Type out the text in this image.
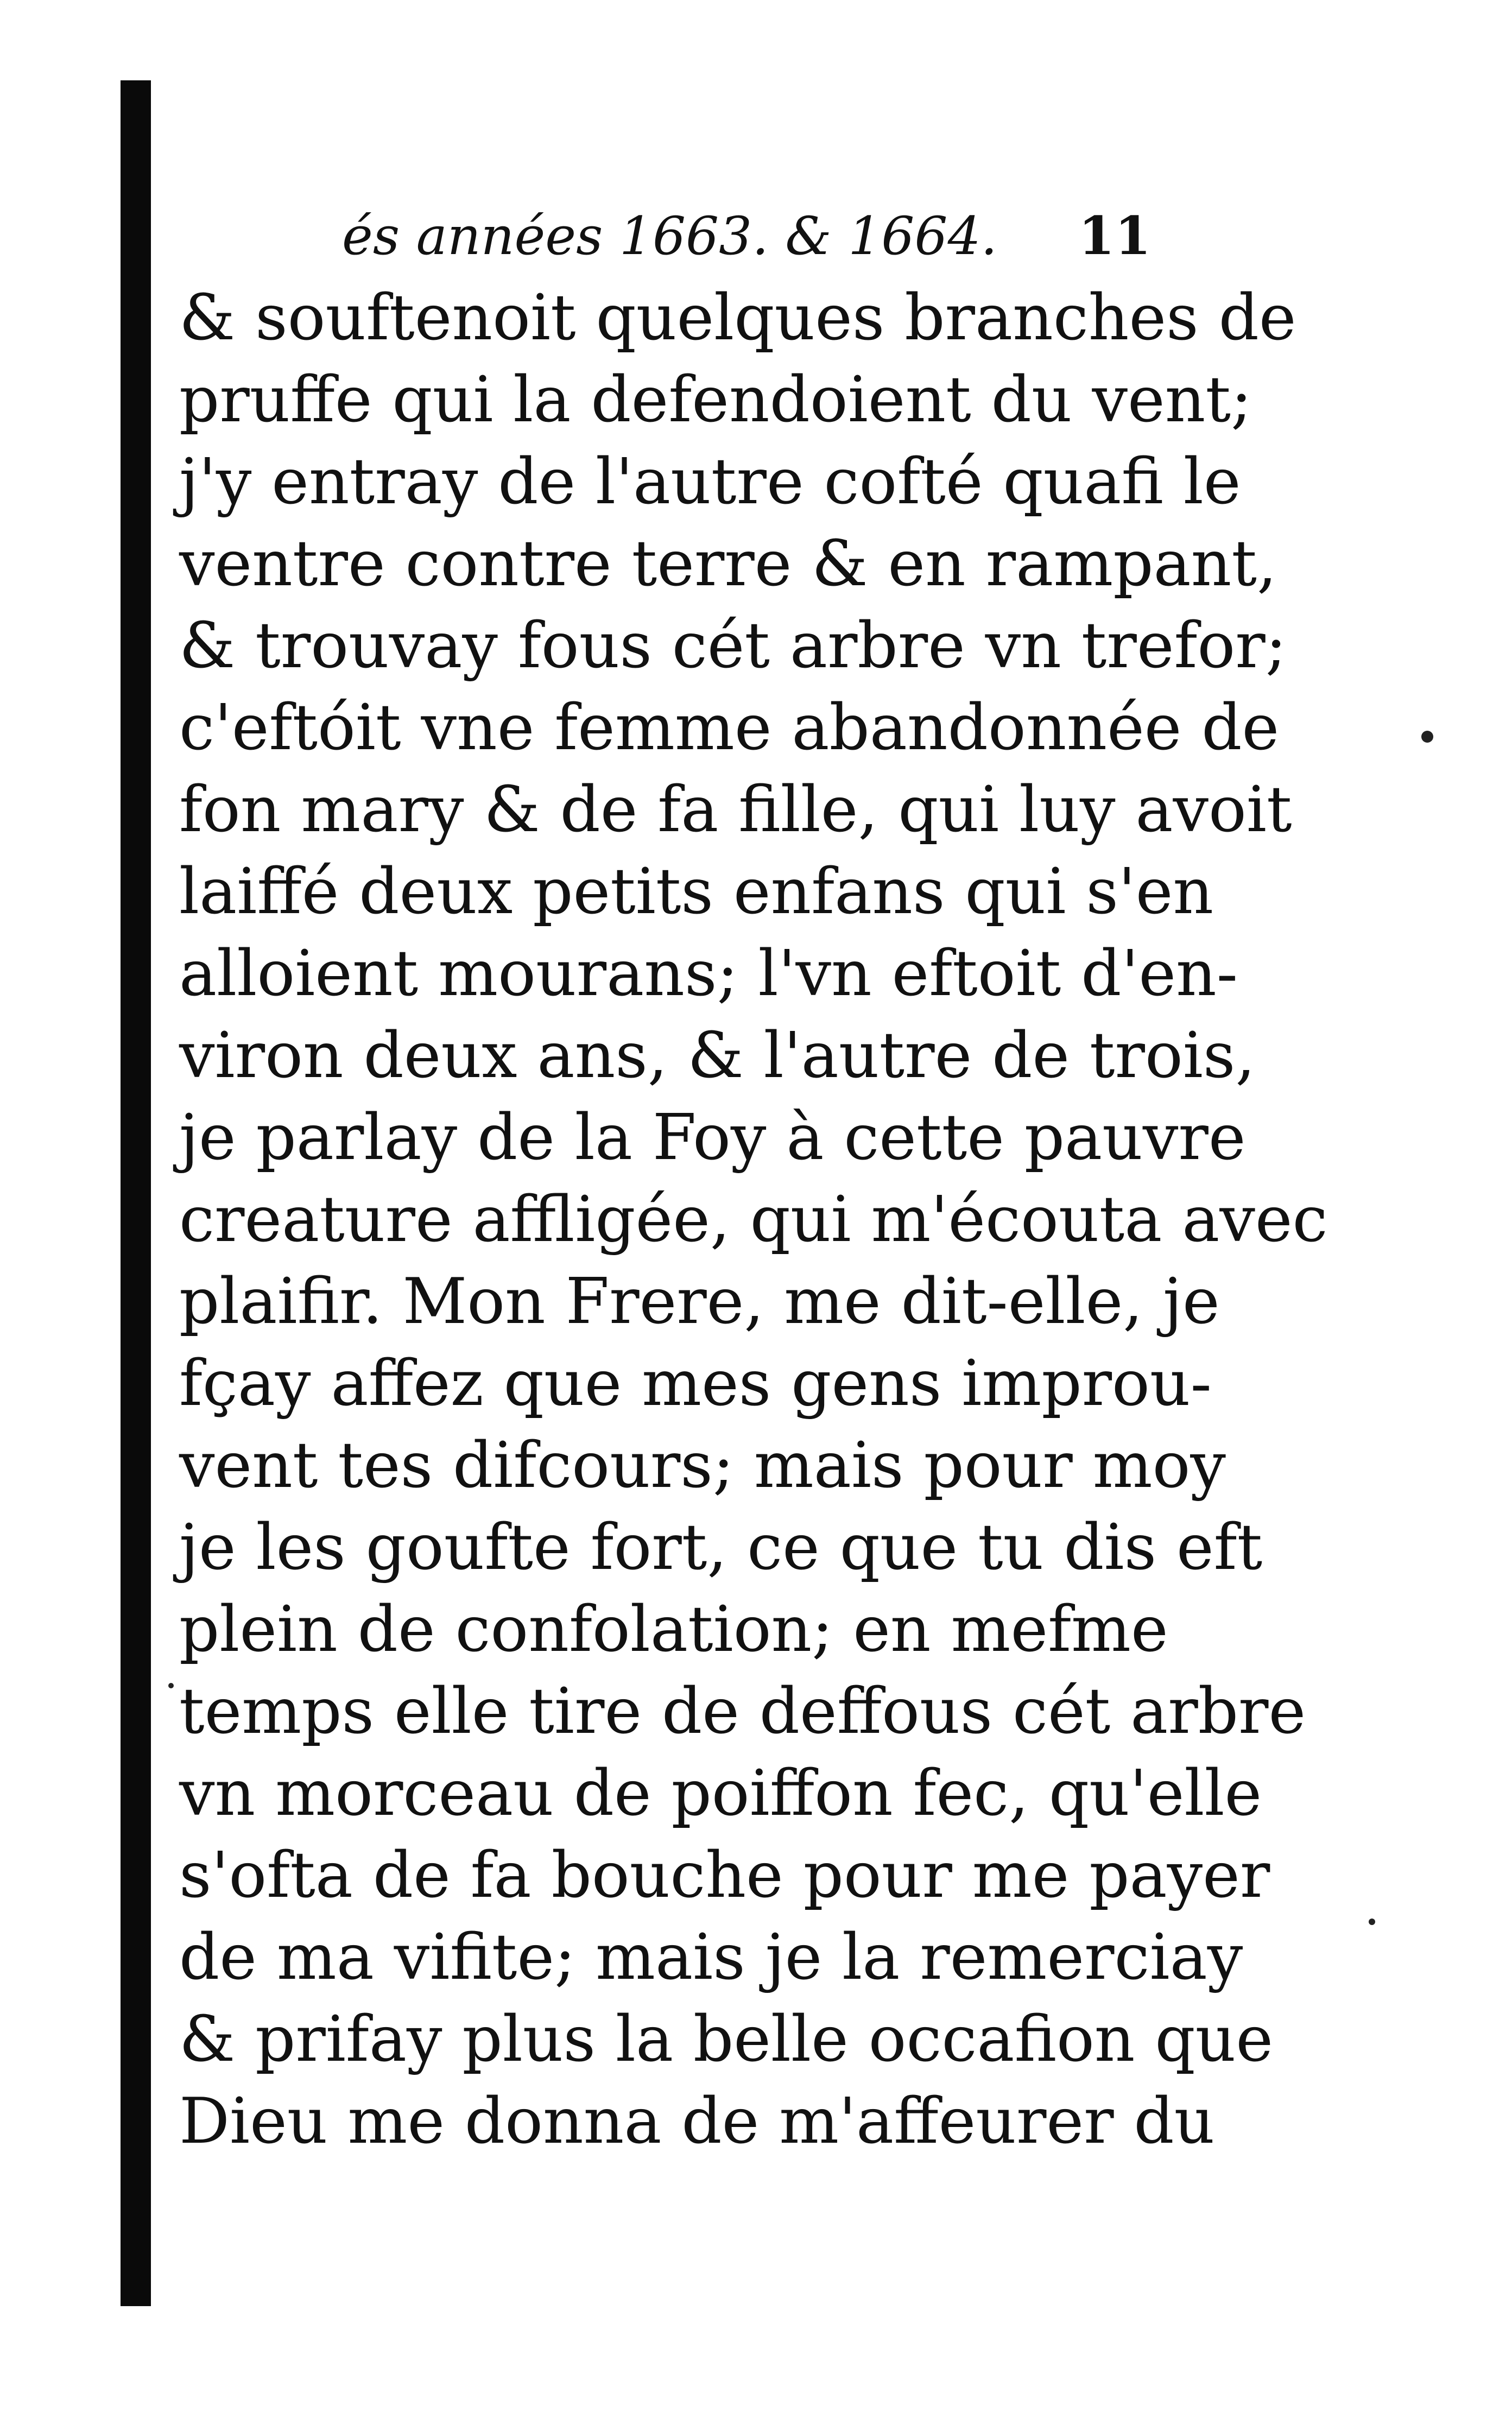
és années 1663. & 1664. 11
& souftenoit quelques branches de
pruffe qui la defendoient du vent;
j'y entray de l'autre cofté quafi le
ventre contre terre & en rampant,
& trouvay fous cét arbre vn trefor;
c'eftóit vne femme abandonnée de
fon mary & de fa fille, qui luy avoit
laiffé deux petits enfans qui s'en
alloient mourans; l'vn eftoit d'en-
viron deux ans, & l'autre de trois,
je parlay de la Foy à cette pauvre
creature affligée, qui m'écouta avec
plaifir. Mon Frere, me dit-elle, je
fçay affez que mes gens improu-
vent tes difcours; mais pour moy
je les goufte fort, ce que tu dis eft
plein de confolation; en mefme
temps elle tire de deffous cét arbre
vn morceau de poiffon fec, qu'elle
s'ofta de fa bouche pour me payer
de ma vifite; mais je la remerciay
& prifay plus la belle occafion que
Dieu me donna de m'affeurer du
